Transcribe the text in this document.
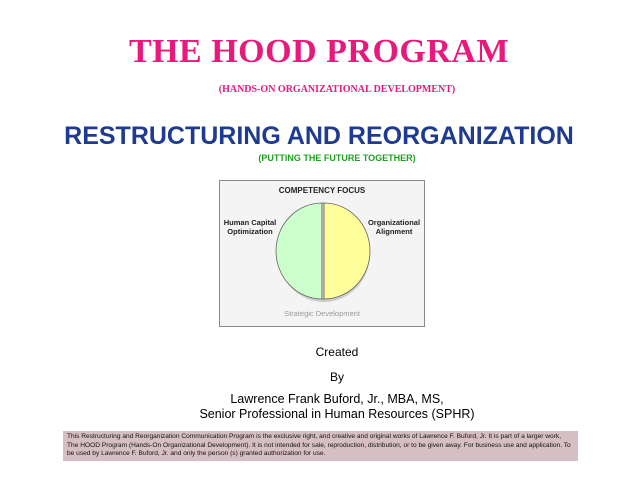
THE HOOD PROGRAM
(HANDS-ON ORGANIZATIONAL DEVELOPMENT)
RESTRUCTURING AND REORGANIZATION
(PUTTING THE FUTURE TOGETHER)
COMPETENCY FOCUS
Human Capital Optimization
Organizational Alignment
Strategic Development
Created
By
Lawrence Frank Buford, Jr., MBA, MS,
Senior Professional in Human Resources (SPHR)
This Restructuring and Reorganization Communication Program is the exclusive right, and creative and original works of Lawrence F. Buford, Jr. It is part of a larger work, The HOOD Program (Hands-On Organizational Development). It is not intended for sale, reproduction, distribution, or to be given away. For business use and application. To be used by Lawrence F. Buford, Jr. and only the person (s) granted authorization for use.
